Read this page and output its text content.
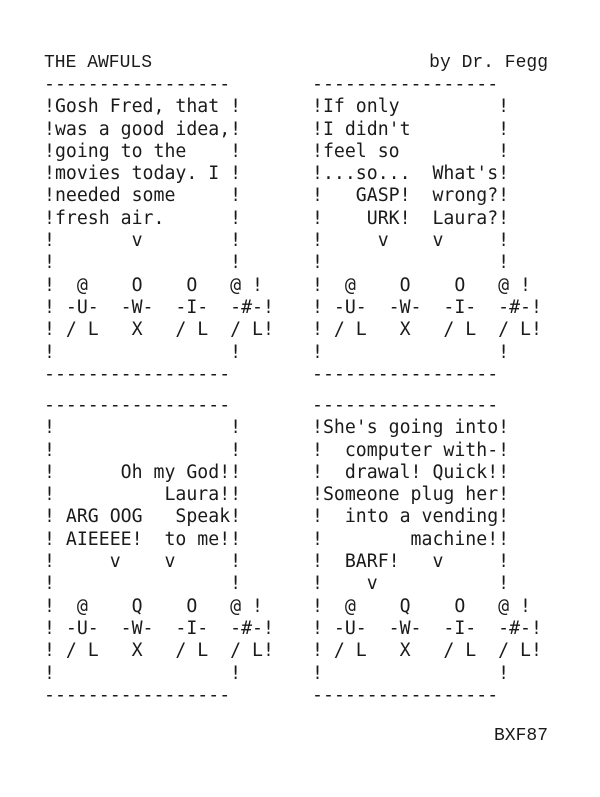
THE AWFULS	by Dr. Fegg
-----------------
!Gosh Fred, that !
!was a good idea,!
!going to the    !
!movies today. I !
!needed some     !
!fresh air.      !
!       v        !
!                !
!  @    O    O   @ !
! -U-  -W-  -I-  -#-!
! / L   X   / L  / L!
!                !
-----------------
-----------------
!If only         !
!I didn't        !
!feel so         !
!...so...  What's!
!   GASP!  wrong?!
!    URK!  Laura?!
!     v    v     !
!                !
!  @    O    O   @ !
! -U-  -W-  -I-  -#-!
! / L   X   / L  / L!
!                !
-----------------
-----------------
!                !
!                !
!      Oh my God!!
!          Laura!!
! ARG OOG   Speak!
! AIEEEE!  to me!!
!     v    v     !
!                !
!  @    Q    O   @ !
! -U-  -W-  -I-  -#-!
! / L   X   / L  / L!
!                !
-----------------
-----------------
!She's going into!
!  computer with-!
!  drawal! Quick!!
!Someone plug her!
!  into a vending!
!        machine!!
!  BARF!   v     !
!    v           !
!  @    Q    O   @ !
! -U-  -W-  -I-  -#-!
! / L   X   / L  / L!
!                !
-----------------
BXF87
